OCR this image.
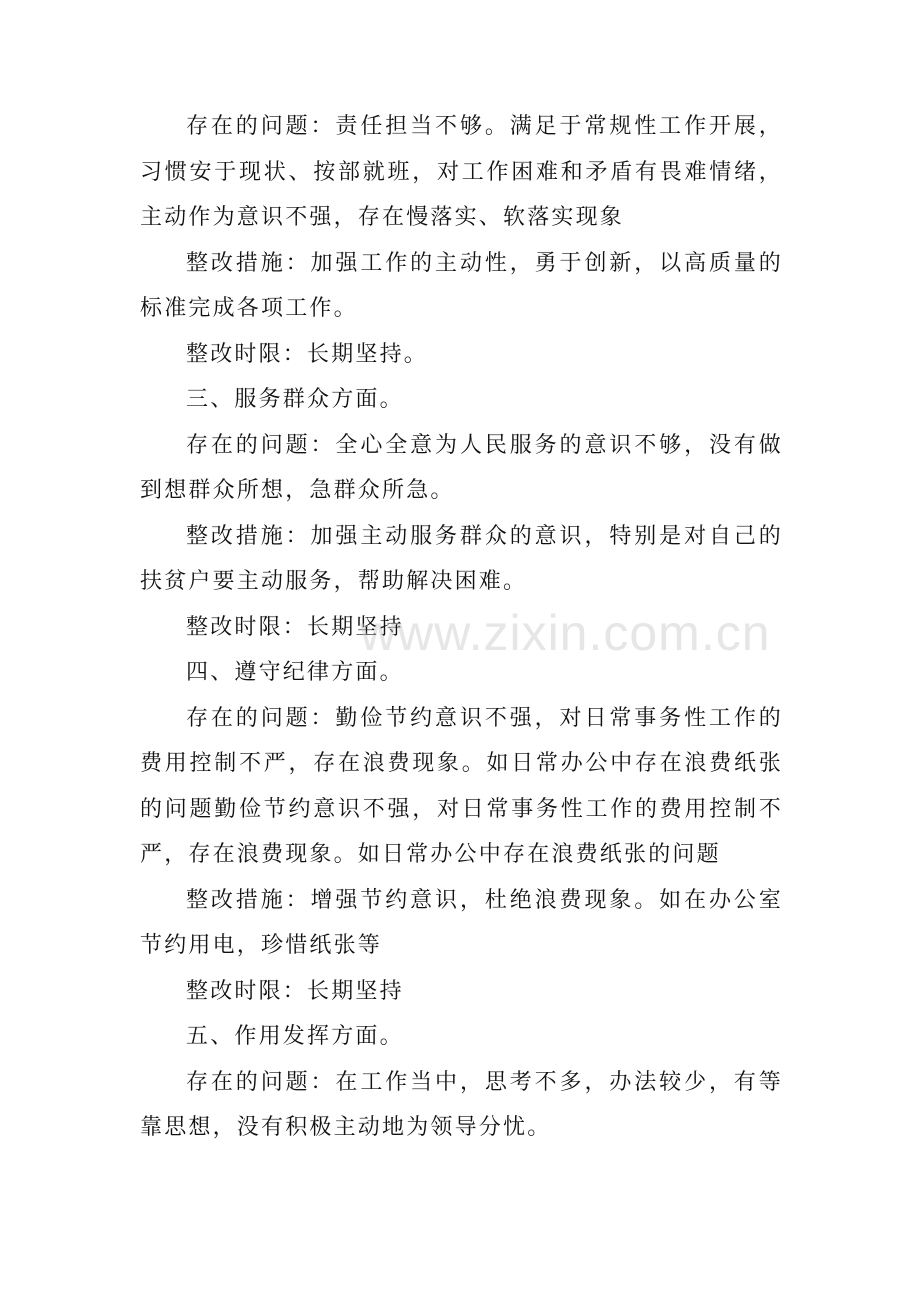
存在的问题：责任担当不够。满足于常规性工作开展，习惯安于现状、按部就班，对工作困难和矛盾有畏难情绪，主动作为意识不强，存在慢落实、软落实现象

整改措施：加强工作的主动性，勇于创新，以高质量的标准完成各项工作。

整改时限：长期坚持。

三、服务群众方面。

存在的问题：全心全意为人民服务的意识不够，没有做到想群众所想，急群众所急。

整改措施：加强主动服务群众的意识，特别是对自己的扶贫户要主动服务，帮助解决困难。

整改时限：长期坚持

四、遵守纪律方面。

存在的问题：勤俭节约意识不强，对日常事务性工作的费用控制不严，存在浪费现象。如日常办公中存在浪费纸张的问题勤俭节约意识不强，对日常事务性工作的费用控制不严，存在浪费现象。如日常办公中存在浪费纸张的问题

整改措施：增强节约意识，杜绝浪费现象。如在办公室节约用电，珍惜纸张等

整改时限：长期坚持

五、作用发挥方面。

存在的问题：在工作当中，思考不多，办法较少，有等靠思想，没有积极主动地为领导分忧。

www.zixin.com.cn
